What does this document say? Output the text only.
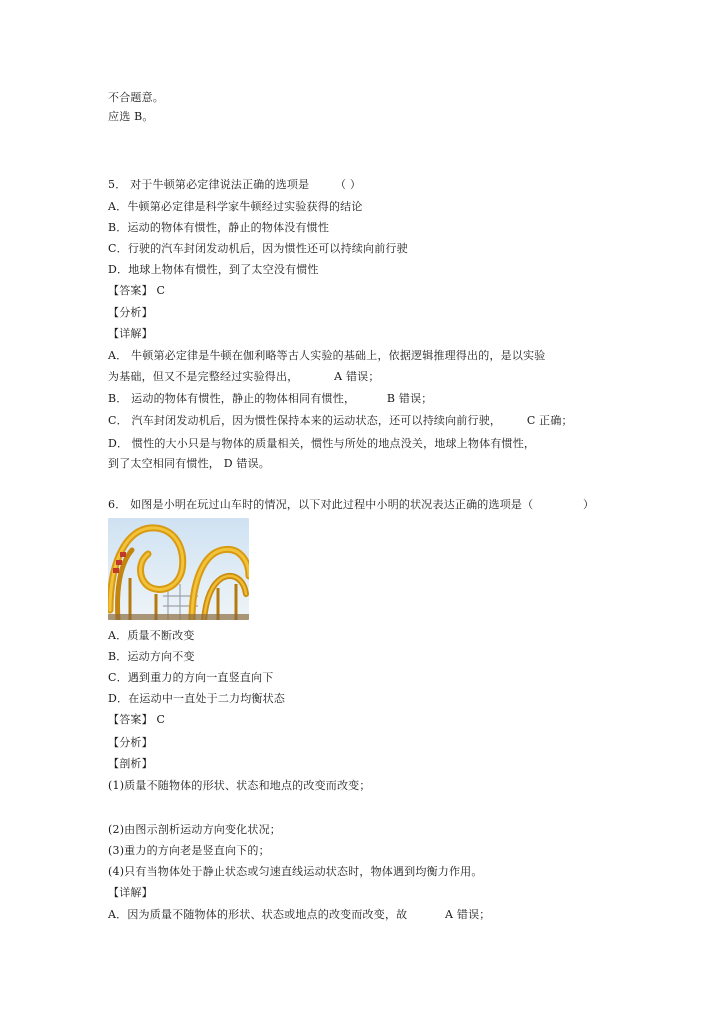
不合题意。
应选 B。
5． 对于牛顿第必定律说法正确的选项是 （ ）
A．牛顿第必定律是科学家牛顿经过实验获得的结论
B．运动的物体有惯性，静止的物体没有惯性
C．行驶的汽车封闭发动机后，因为惯性还可以持续向前行驶
D．地球上物体有惯性，到了太空没有惯性
【答案】 C
【分析】
【详解】
A． 牛顿第必定律是牛顿在伽利略等古人实验的基础上，依据逻辑推理得出的，是以实验
为基础，但又不是完整经过实验得出，	A 错误；
B． 运动的物体有惯性，静止的物体相同有惯性，	B 错误；
C． 汽车封闭发动机后，因为惯性保持本来的运动状态，还可以持续向前行驶， C 正确；
D． 惯性的大小只是与物体的质量相关，惯性与所处的地点没关，地球上物体有惯性，
到了太空相同有惯性， D 错误。
6． 如图是小明在玩过山车时的情况，以下对此过程中小明的状况表达正确的选项是（	）
A．质量不断改变
B．运动方向不变
C．遇到重力的方向一直竖直向下
D．在运动中一直处于二力均衡状态
【答案】 C
【分析】
【剖析】
(1)质量不随物体的形状、状态和地点的改变而改变；
(2)由图示剖析运动方向变化状况；
(3)重力的方向老是竖直向下的；
(4)只有当物体处于静止状态或匀速直线运动状态时，物体遇到均衡力作用。
【详解】
A．因为质量不随物体的形状、状态或地点的改变而改变，故	A 错误；
